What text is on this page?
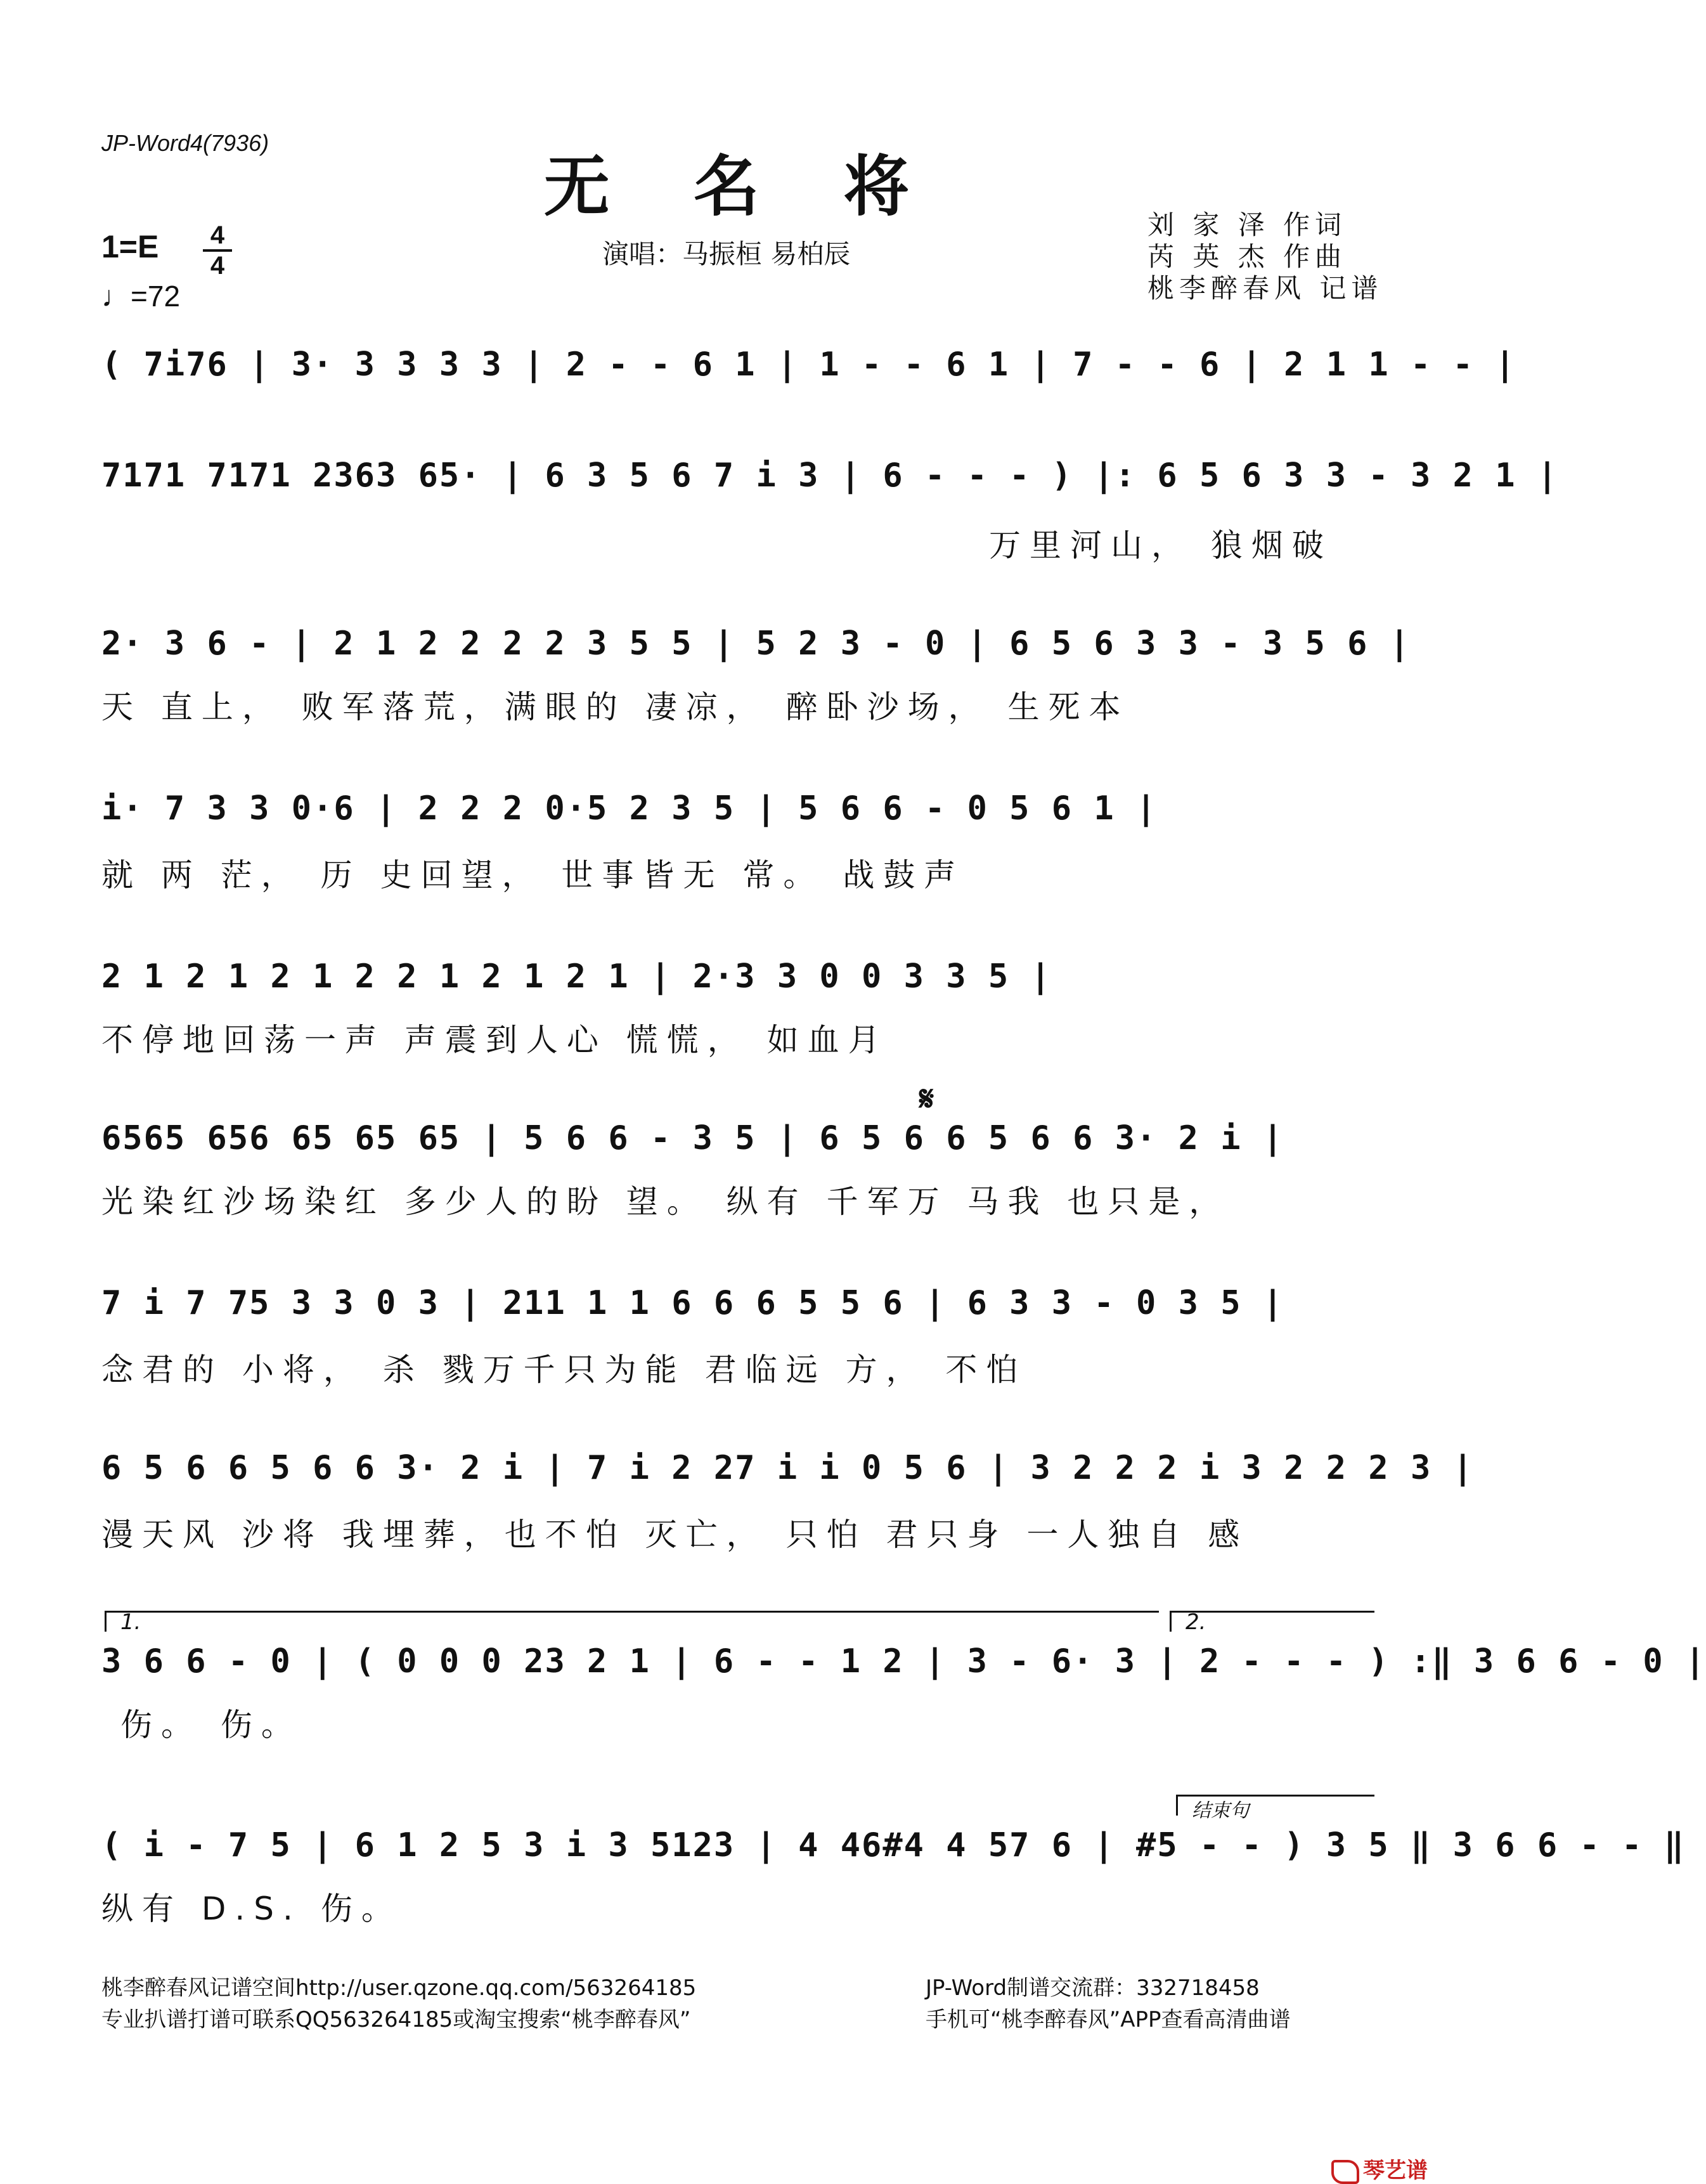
JP-Word4(7936)
无 名 将
1=E 4
4
♩=72
演唱：马振桓 易柏辰
刘 家 泽 作词
芮 英 杰 作曲
桃李醉春风 记谱
( 7i76 | 3· 3 3 3 3 | 2 - - 6 1 | 1 - - 6 1 | 7 - - 6 | 2 1 1 - - |
7171 7171 2363 65· | 6 3 5 6 7 i 3 | 6 - - - ) |: 6 5 6 3 3 - 3 2 1 |
万里河山， 狼烟破
2· 3 6 - | 2 1 2 2 2 2 3 5 5 | 5 2 3 - 0 | 6 5 6 3 3 - 3 5 6 |
天 直上， 败军落荒，满眼的 凄凉， 醉卧沙场， 生死本
i· 7 3 3 0·6 | 2 2 2 0·5 2 3 5 | 5 6 6 - 0 5 6 1 |
就 两 茫， 历 史回望， 世事皆无 常。 战鼓声
2 1 2 1 2 1 2 2 1 2 1 2 1 | 2·3 3 0 0 3 3 5 |
不停地回荡一声 声震到人心 慌慌， 如血月
𝄋
6565 656 65 65 65 | 5 6 6 - 3 5 | 6 5 6 6 5 6 6 3· 2 i |
光染红沙场染红 多少人的盼 望。 纵有 千军万 马我 也只是，
7 i 7 75 3 3 0 3 | 211 1 1 6 6 6 5 5 6 | 6 3 3 - 0 3 5 |
念君的 小将， 杀 戮万千只为能 君临远 方， 不怕
6 5 6 6 5 6 6 3· 2 i | 7 i 2 27 i i 0 5 6 | 3 2 2 2 i 3 2 2 2 3 |
漫天风 沙将 我埋葬，也不怕 灭亡， 只怕 君只身 一人独自 感
1.	2.
3 6 6 - 0 | ( 0 0 0 23 2 1 | 6 - - 1 2 | 3 - 6· 3 | 2 - - - ) :‖ 3 6 6 - 0 |
伤。 伤。
结束句
( i - 7 5 | 6 1 2 5 3 i 3 5123 | 4 46#4 4 57 6 | #5 - - ) 3 5 ‖ 3 6 6 - - ‖
纵有 D.S. 伤。
桃李醉春风记谱空间http://user.qzone.qq.com/563264185
专业扒谱打谱可联系QQ563264185或淘宝搜索“桃李醉春风”
JP-Word制谱交流群：332718458
手机可“桃李醉春风”APP查看高清曲谱
琴艺谱
